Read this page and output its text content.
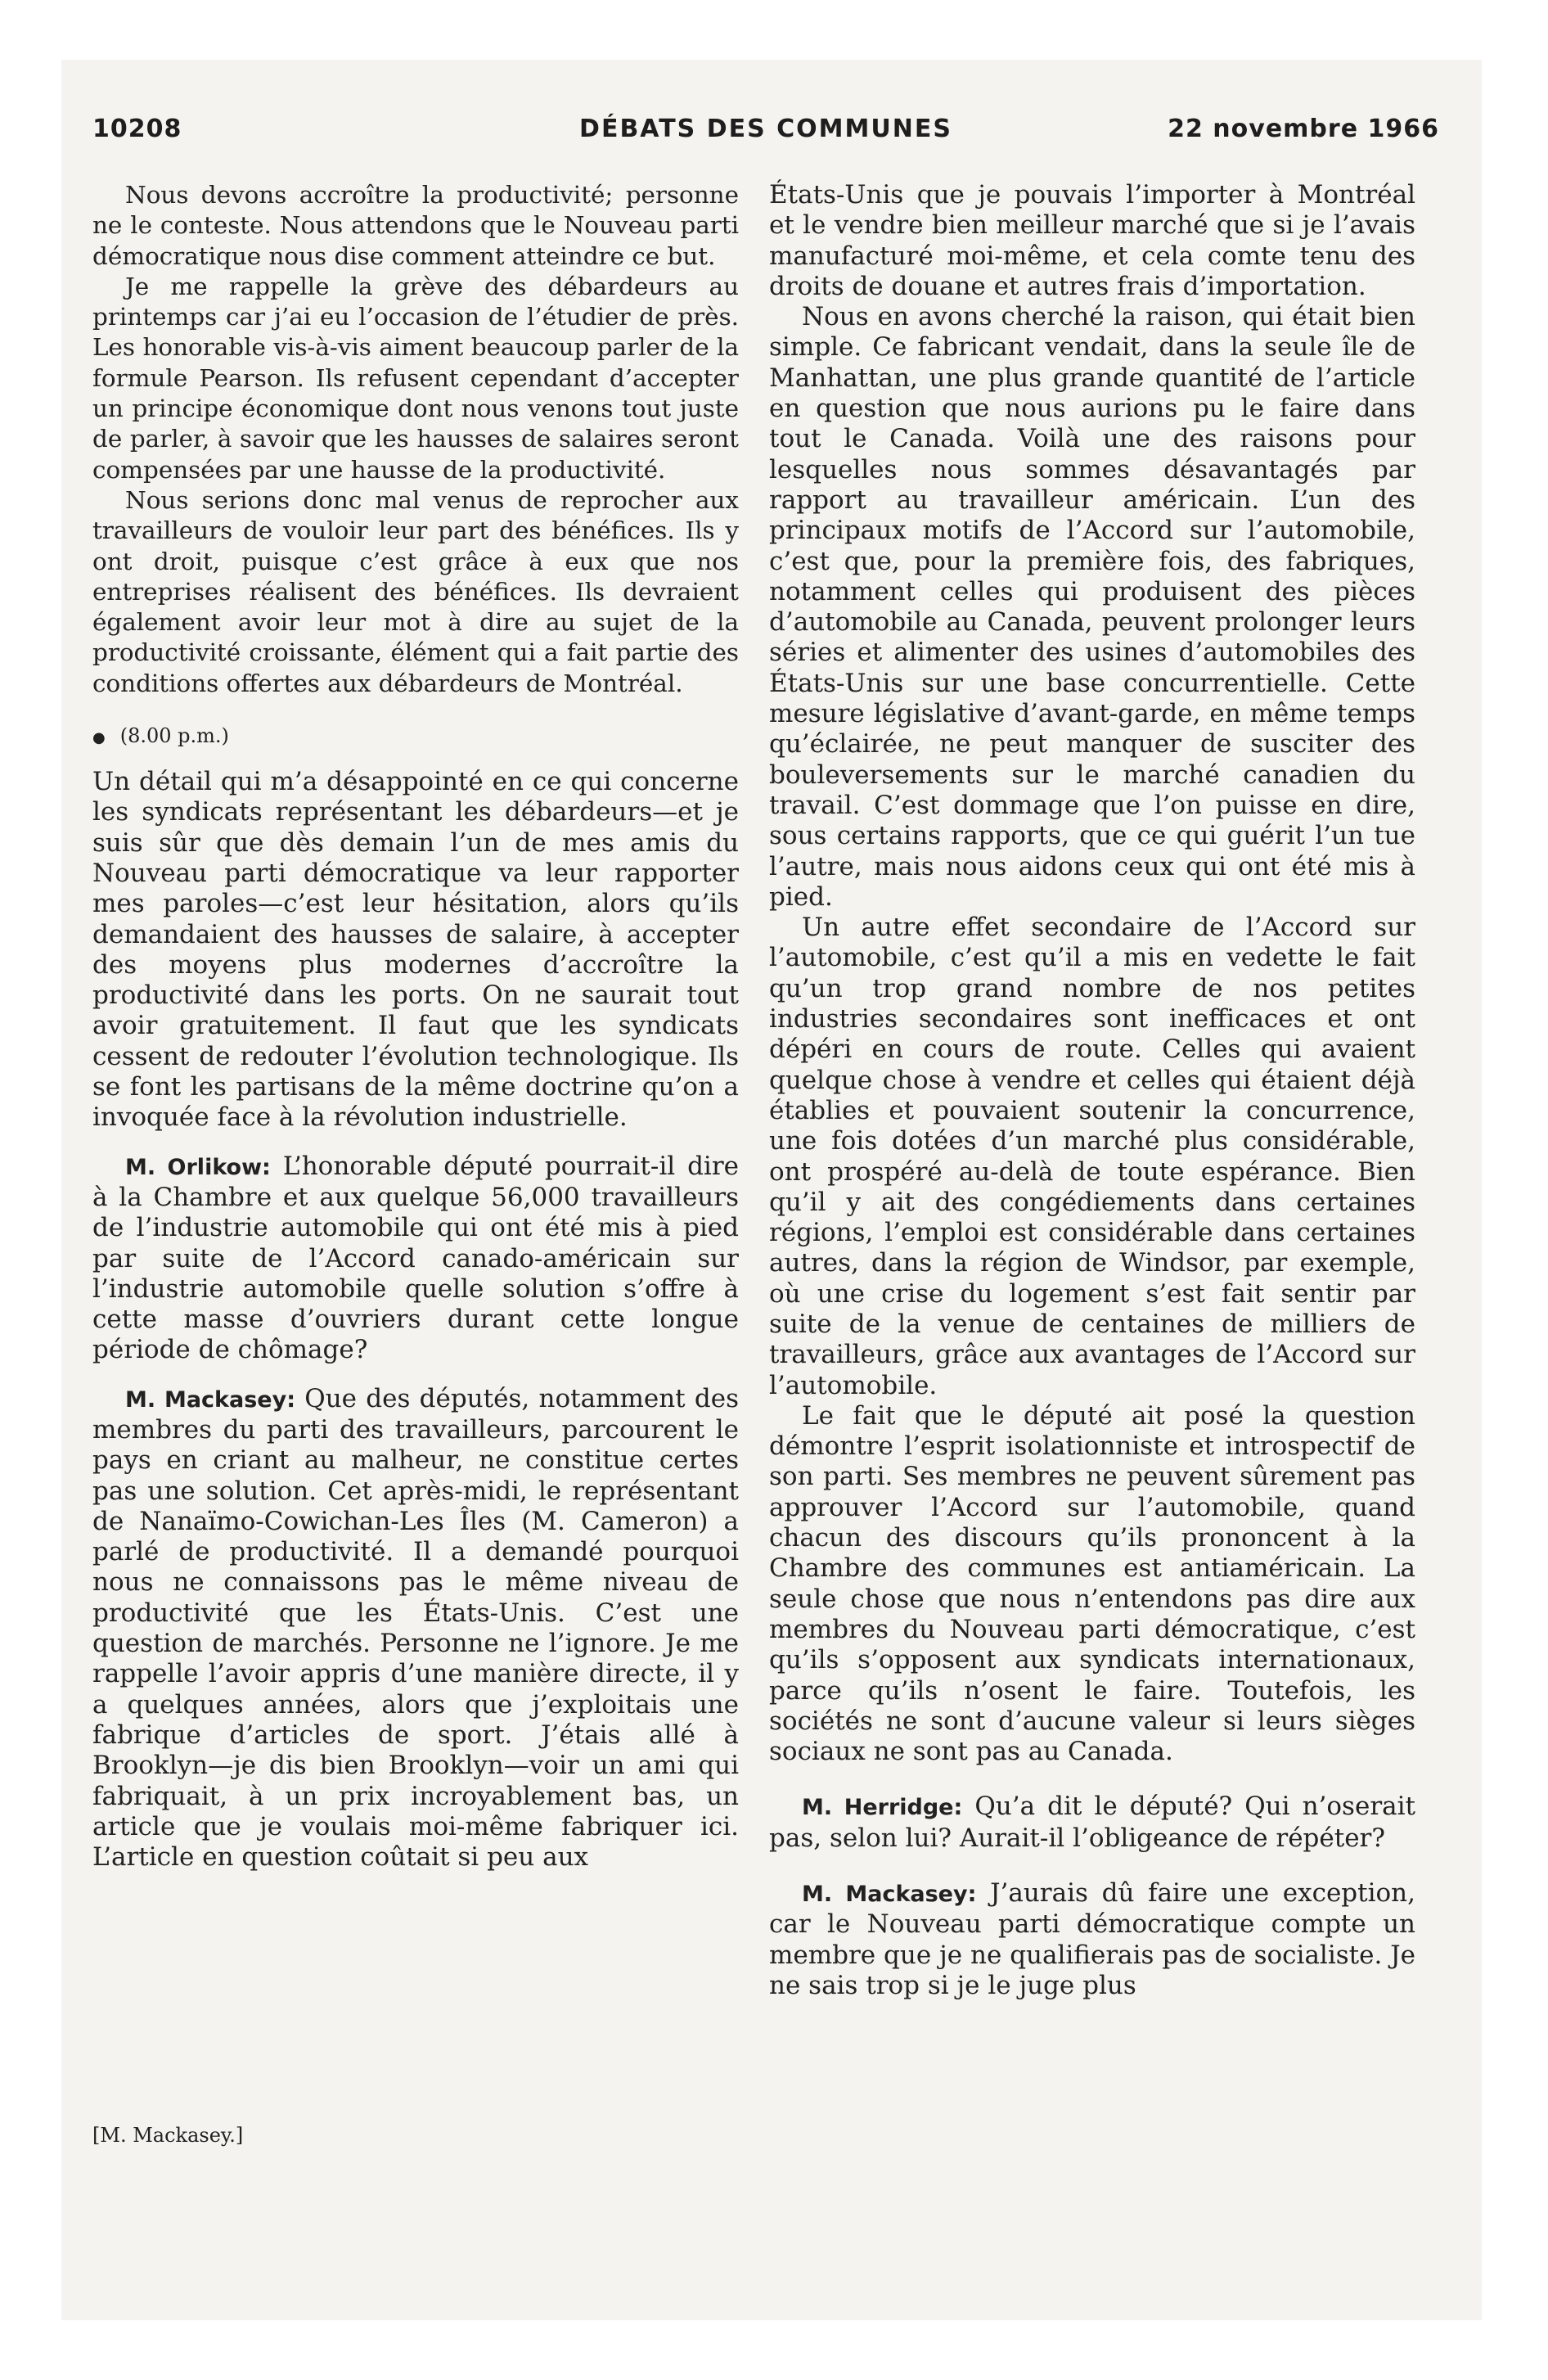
10208	DÉBATS DES COMMUNES	22 novembre 1966

Nous devons accroître la productivité; personne ne le conteste. Nous attendons que le Nouveau parti démocratique nous dise comment atteindre ce but.

Je me rappelle la grève des débardeurs au printemps car j’ai eu l’occasion de l’étudier de près. Les honorable vis-à-vis aiment beaucoup parler de la formule Pearson. Ils refusent cependant d’accepter un principe économique dont nous venons tout juste de parler, à savoir que les hausses de salaires seront compensées par une hausse de la productivité.

Nous serions donc mal venus de reprocher aux travailleurs de vouloir leur part des bénéfices. Ils y ont droit, puisque c’est grâce à eux que nos entreprises réalisent des bénéfices. Ils devraient également avoir leur mot à dire au sujet de la productivité croissante, élément qui a fait partie des conditions offertes aux débardeurs de Montréal.

● (8.00 p.m.)

Un détail qui m’a désappointé en ce qui concerne les syndicats représentant les débardeurs—et je suis sûr que dès demain l’un de mes amis du Nouveau parti démocratique va leur rapporter mes paroles—c’est leur hésitation, alors qu’ils demandaient des hausses de salaire, à accepter des moyens plus modernes d’accroître la productivité dans les ports. On ne saurait tout avoir gratuitement. Il faut que les syndicats cessent de redouter l’évolution technologique. Ils se font les partisans de la même doctrine qu’on a invoquée face à la révolution industrielle.

M. Orlikow: L’honorable député pourrait-il dire à la Chambre et aux quelque 56,000 travailleurs de l’industrie automobile qui ont été mis à pied par suite de l’Accord canado-américain sur l’industrie automobile quelle solution s’offre à cette masse d’ouvriers durant cette longue période de chômage?

M. Mackasey: Que des députés, notamment des membres du parti des travailleurs, parcourent le pays en criant au malheur, ne constitue certes pas une solution. Cet après-midi, le représentant de Nanaïmo-Cowichan-Les Îles (M. Cameron) a parlé de productivité. Il a demandé pourquoi nous ne connaissons pas le même niveau de productivité que les États-Unis. C’est une question de marchés. Personne ne l’ignore. Je me rappelle l’avoir appris d’une manière directe, il y a quelques années, alors que j’exploitais une fabrique d’articles de sport. J’étais allé à Brooklyn—je dis bien Brooklyn—voir un ami qui fabriquait, à un prix incroyablement bas, un article que je voulais moi-même fabriquer ici. L’article en question coûtait si peu aux

[M. Mackasey.]

États-Unis que je pouvais l’importer à Montréal et le vendre bien meilleur marché que si je l’avais manufacturé moi-même, et cela comte tenu des droits de douane et autres frais d’importation.

Nous en avons cherché la raison, qui était bien simple. Ce fabricant vendait, dans la seule île de Manhattan, une plus grande quantité de l’article en question que nous aurions pu le faire dans tout le Canada. Voilà une des raisons pour lesquelles nous sommes désavantagés par rapport au travailleur américain. L’un des principaux motifs de l’Accord sur l’automobile, c’est que, pour la première fois, des fabriques, notamment celles qui produisent des pièces d’automobile au Canada, peuvent prolonger leurs séries et alimenter des usines d’automobiles des États-Unis sur une base concurrentielle. Cette mesure législative d’avant-garde, en même temps qu’éclairée, ne peut manquer de susciter des bouleversements sur le marché canadien du travail. C’est dommage que l’on puisse en dire, sous certains rapports, que ce qui guérit l’un tue l’autre, mais nous aidons ceux qui ont été mis à pied.

Un autre effet secondaire de l’Accord sur l’automobile, c’est qu’il a mis en vedette le fait qu’un trop grand nombre de nos petites industries secondaires sont inefficaces et ont dépéri en cours de route. Celles qui avaient quelque chose à vendre et celles qui étaient déjà établies et pouvaient soutenir la concurrence, une fois dotées d’un marché plus considérable, ont prospéré au-delà de toute espérance. Bien qu’il y ait des congédiements dans certaines régions, l’emploi est considérable dans certaines autres, dans la région de Windsor, par exemple, où une crise du logement s’est fait sentir par suite de la venue de centaines de milliers de travailleurs, grâce aux avantages de l’Accord sur l’automobile.

Le fait que le député ait posé la question démontre l’esprit isolationniste et introspectif de son parti. Ses membres ne peuvent sûrement pas approuver l’Accord sur l’automobile, quand chacun des discours qu’ils prononcent à la Chambre des communes est antiaméricain. La seule chose que nous n’entendons pas dire aux membres du Nouveau parti démocratique, c’est qu’ils s’opposent aux syndicats internationaux, parce qu’ils n’osent le faire. Toutefois, les sociétés ne sont d’aucune valeur si leurs sièges sociaux ne sont pas au Canada.

M. Herridge: Qu’a dit le député? Qui n’oserait pas, selon lui? Aurait-il l’obligeance de répéter?

M. Mackasey: J’aurais dû faire une exception, car le Nouveau parti démocratique compte un membre que je ne qualifierais pas de socialiste. Je ne sais trop si je le juge plus
